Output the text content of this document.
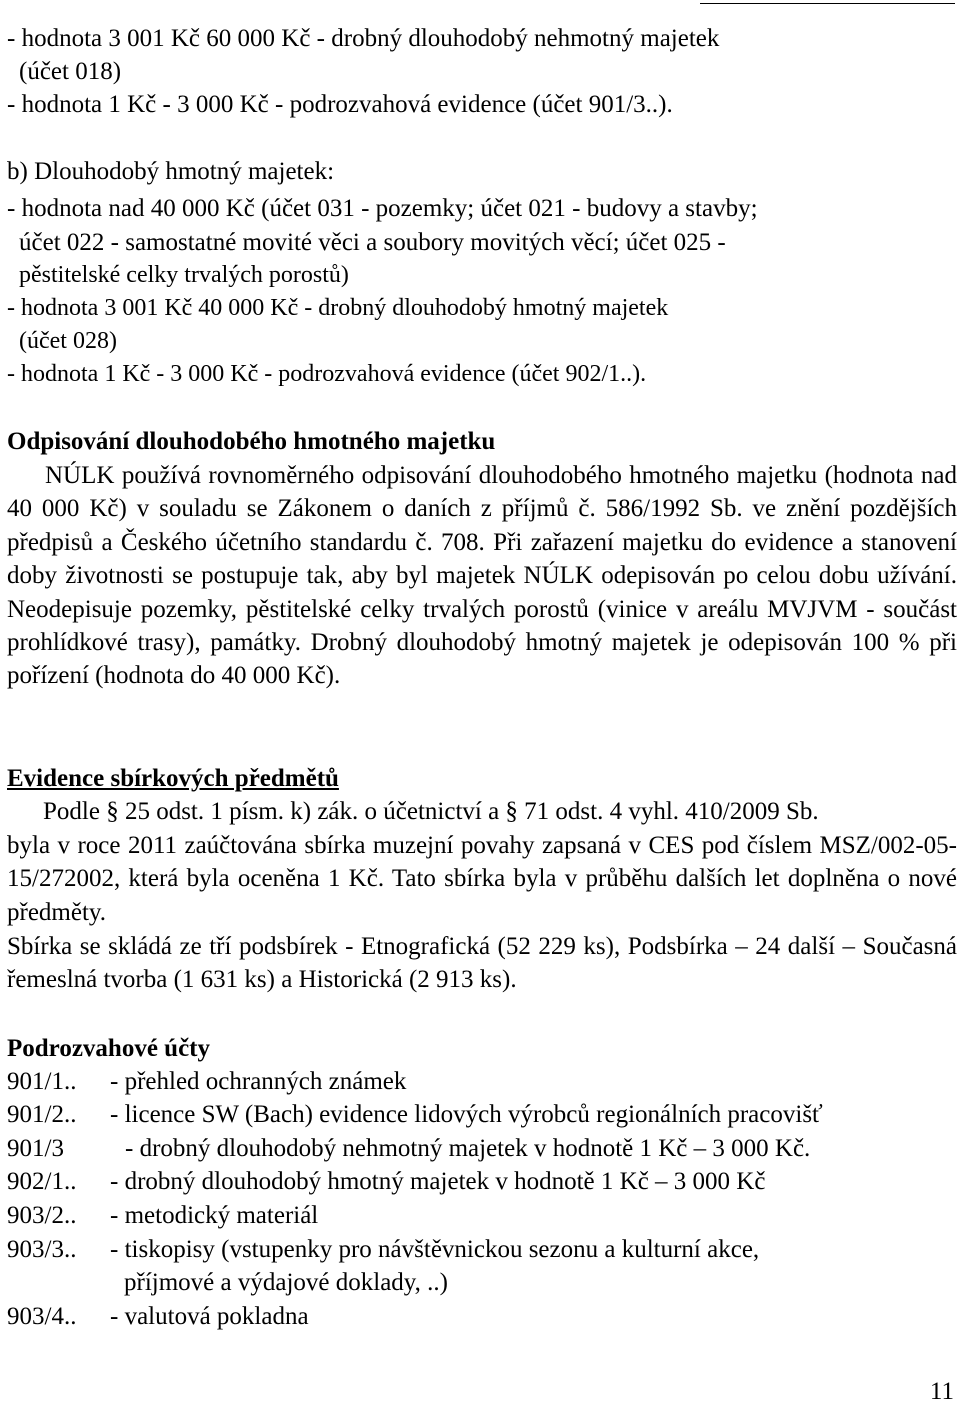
- hodnota 3 001 Kč 60 000 Kč - drobný dlouhodobý nehmotný majetek
(účet 018)
- hodnota 1 Kč - 3 000 Kč - podrozvahová evidence (účet 901/3..).
b) Dlouhodobý hmotný majetek:
- hodnota nad 40 000 Kč (účet 031 - pozemky; účet 021 - budovy a stavby;
účet 022 - samostatné movité věci a soubory movitých věcí; účet 025 -
pěstitelské celky trvalých porostů)
- hodnota 3 001 Kč 40 000 Kč - drobný dlouhodobý hmotný majetek
(účet 028)
- hodnota 1 Kč - 3 000 Kč - podrozvahová evidence (účet 902/1..).
Odpisování dlouhodobého hmotného majetku

NÚLK používá rovnoměrného odpisování dlouhodobého hmotného majetku (hodnota nad 40 000 Kč) v souladu se Zákonem o daních z příjmů č. 586/1992 Sb. ve znění pozdějších předpisů a Českého účetního standardu č. 708. Při zařazení majetku do evidence a stanovení doby životnosti se postupuje tak, aby byl majetek NÚLK odepisován po celou dobu užívání. Neodepisuje pozemky, pěstitelské celky trvalých porostů (vinice v areálu MVJVM - součást prohlídkové trasy), památky. Drobný dlouhodobý hmotný majetek je odepisován 100 % při pořízení (hodnota do 40 000 Kč).

Evidence sbírkových předmětů
Podle § 25 odst. 1 písm. k) zák. o účetnictví a § 71 odst. 4 vyhl. 410/2009 Sb.

byla v roce 2011 zaúčtována sbírka muzejní povahy zapsaná v CES pod číslem MSZ/002-05-15/272002, která byla oceněna 1 Kč. Tato sbírka byla v průběhu dalších let doplněna o nové předměty.

Sbírka se skládá ze tří podsbírek - Etnografická (52 229 ks), Podsbírka – 24 další – Současná řemeslná tvorba (1 631 ks) a Historická (2 913 ks).

Podrozvahové účty
901/1.. - přehled ochranných známek
901/2.. - licence SW (Bach) evidence lidových výrobců regionálních pracovišť
901/3 - drobný dlouhodobý nehmotný majetek v hodnotě 1 Kč – 3 000 Kč.
902/1.. - drobný dlouhodobý hmotný majetek v hodnotě 1 Kč – 3 000 Kč
903/2.. - metodický materiál
903/3.. - tiskopisy (vstupenky pro návštěvnickou sezonu a kulturní akce,
příjmové a výdajové doklady, ..)
903/4.. - valutová pokladna
11
